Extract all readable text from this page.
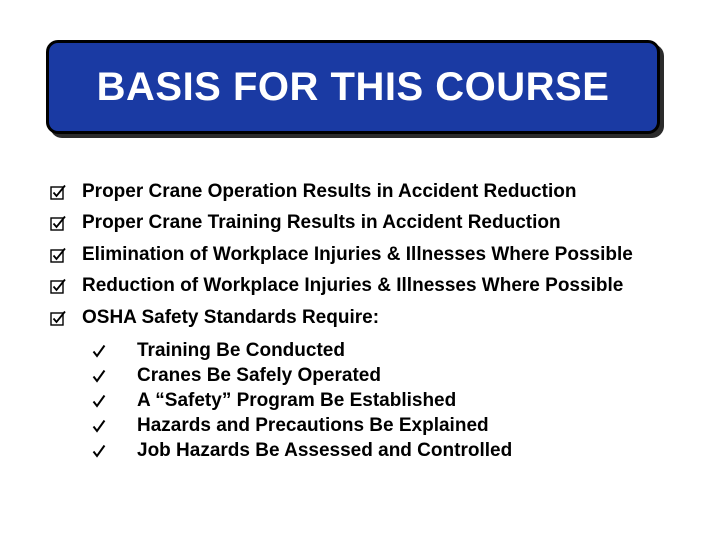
BASIS FOR THIS COURSE
Proper Crane Operation Results in Accident Reduction
Proper Crane Training Results in Accident Reduction
Elimination of Workplace Injuries & Illnesses Where Possible
Reduction of Workplace Injuries & Illnesses Where Possible
OSHA Safety Standards Require:
Training Be Conducted
Cranes Be Safely Operated
A “Safety” Program Be Established
Hazards and Precautions Be Explained
Job Hazards Be Assessed and Controlled
